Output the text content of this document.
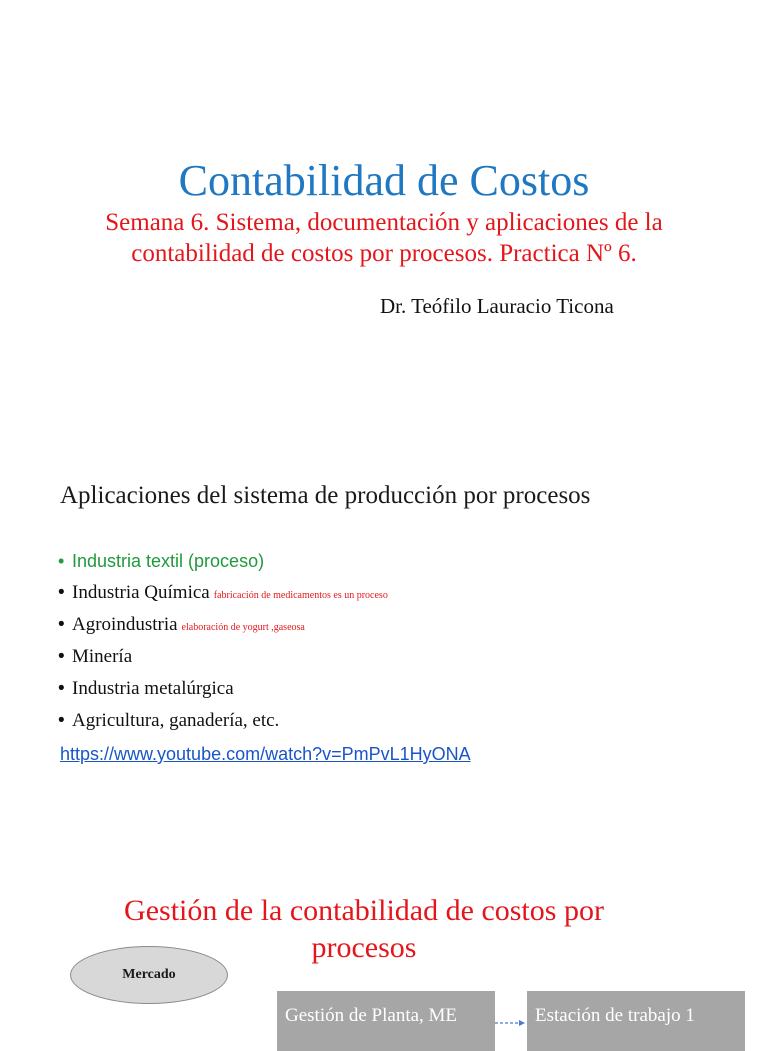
Contabilidad de Costos
Semana 6. Sistema, documentación y aplicaciones de la
contabilidad de costos por procesos. Practica Nº 6.
Dr. Teófilo Lauracio Ticona
Aplicaciones del sistema de producción por procesos
• Industria textil (proceso)
• Industria Química fabricación de medicamentos es un proceso
• Agroindustria elaboración de yogurt ,gaseosa
• Minería
• Industria metalúrgica
• Agricultura, ganadería, etc.
https://www.youtube.com/watch?v=PmPvL1HyONA
Gestión de la contabilidad de costos por
procesos
Mercado
Gestión de Planta, ME	Estación de trabajo 1
